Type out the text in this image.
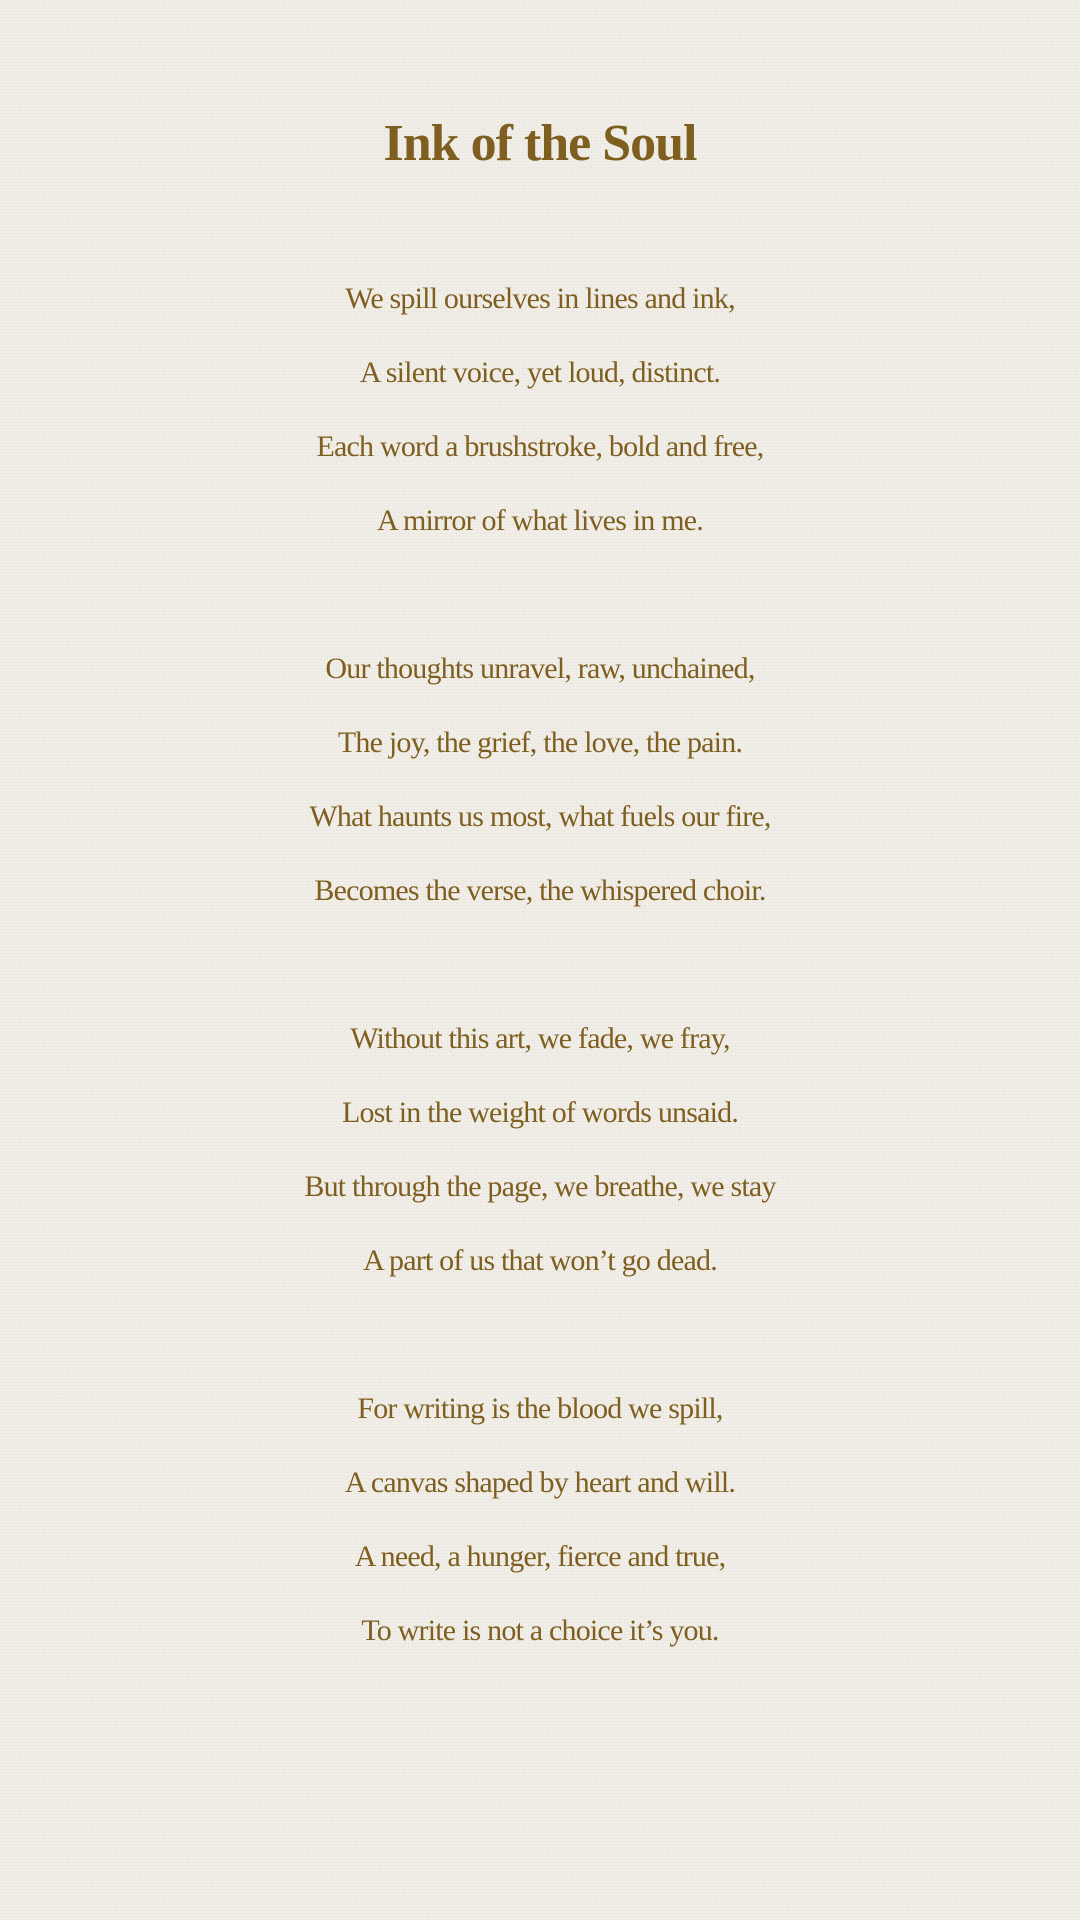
Ink of the Soul
We spill ourselves in lines and ink,
A silent voice, yet loud, distinct.
Each word a brushstroke, bold and free,
A mirror of what lives in me.
Our thoughts unravel, raw, unchained,
The joy, the grief, the love, the pain.
What haunts us most, what fuels our fire,
Becomes the verse, the whispered choir.
Without this art, we fade, we fray,
Lost in the weight of words unsaid.
But through the page, we breathe, we stay
A part of us that won’t go dead.
For writing is the blood we spill,
A canvas shaped by heart and will.
A need, a hunger, fierce and true,
To write is not a choice it’s you.
